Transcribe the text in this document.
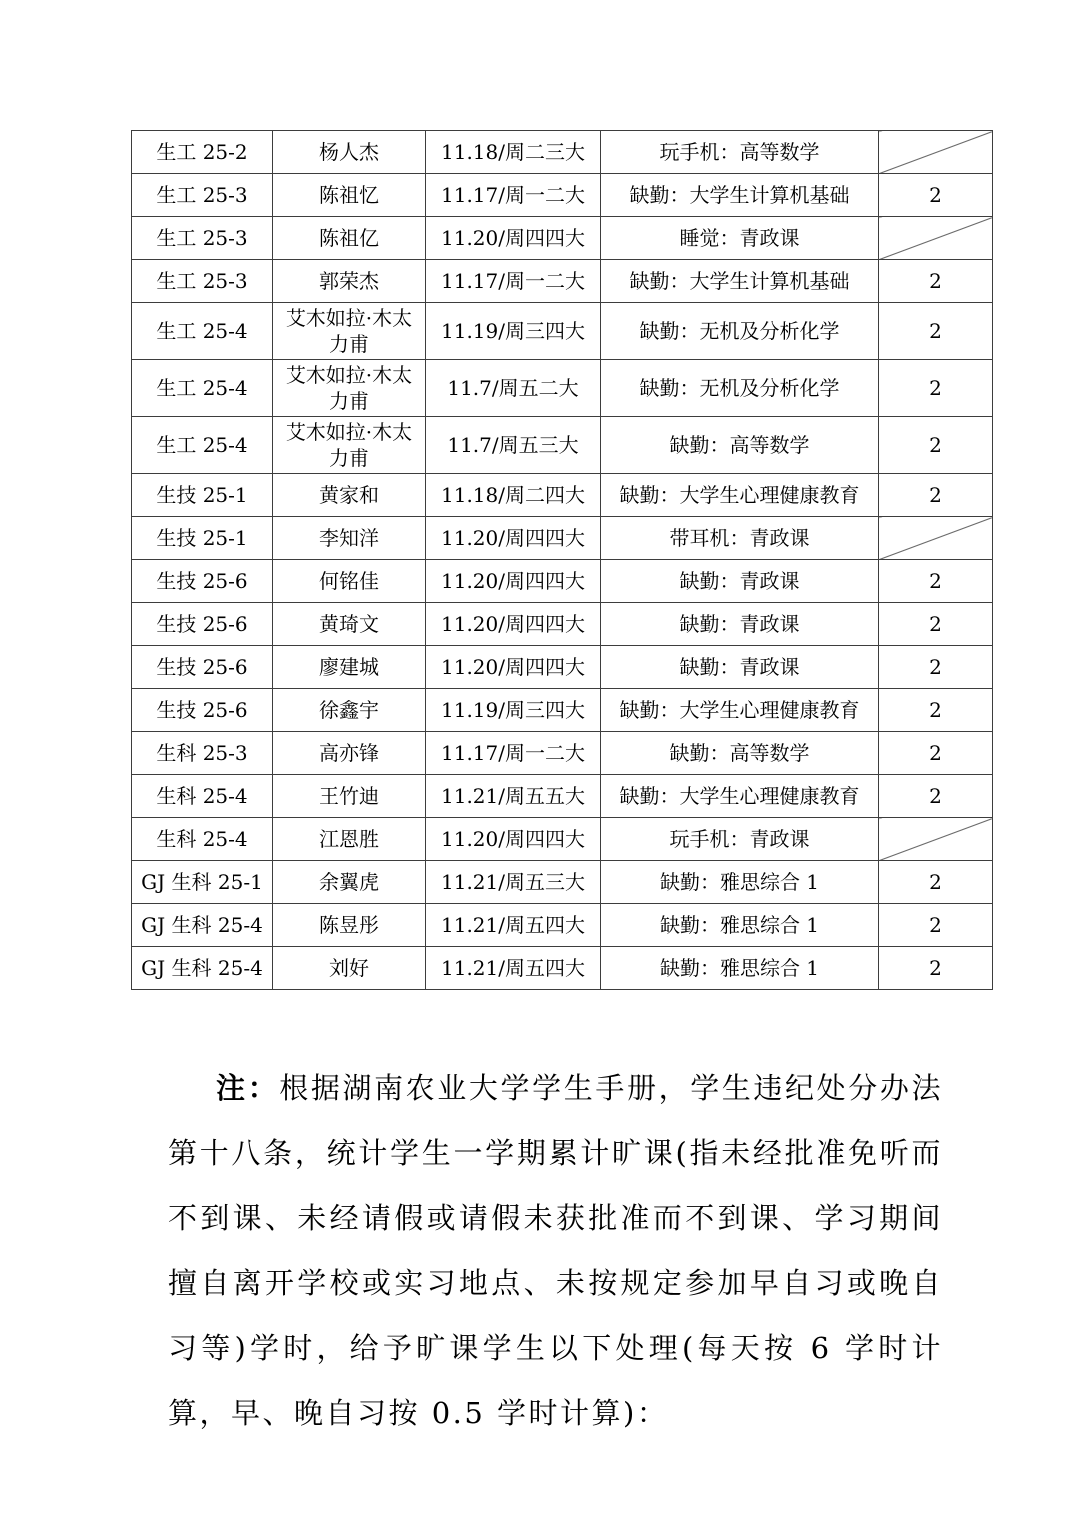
生工 25-2	杨人杰	11.18/周二三大	玩手机：高等数学	
生工 25-3	陈祖忆	11.17/周一二大	缺勤：大学生计算机基础	2
生工 25-3	陈祖亿	11.20/周四四大	睡觉：青政课	
生工 25-3	郭荣杰	11.17/周一二大	缺勤：大学生计算机基础	2
生工 25-4	艾木如拉·木太力甫	11.19/周三四大	缺勤：无机及分析化学	2
生工 25-4	艾木如拉·木太力甫	11.7/周五二大	缺勤：无机及分析化学	2
生工 25-4	艾木如拉·木太力甫	11.7/周五三大	缺勤：高等数学	2
生技 25-1	黄家和	11.18/周二四大	缺勤：大学生心理健康教育	2
生技 25-1	李知洋	11.20/周四四大	带耳机：青政课	
生技 25-6	何铭佳	11.20/周四四大	缺勤：青政课	2
生技 25-6	黄琦文	11.20/周四四大	缺勤：青政课	2
生技 25-6	廖建城	11.20/周四四大	缺勤：青政课	2
生技 25-6	徐鑫宇	11.19/周三四大	缺勤：大学生心理健康教育	2
生科 25-3	高亦锋	11.17/周一二大	缺勤：高等数学	2
生科 25-4	王竹迪	11.21/周五五大	缺勤：大学生心理健康教育	2
生科 25-4	江恩胜	11.20/周四四大	玩手机：青政课	
GJ 生科 25-1	余翼虎	11.21/周五三大	缺勤：雅思综合 1	2
GJ 生科 25-4	陈昱彤	11.21/周五四大	缺勤：雅思综合 1	2
GJ 生科 25-4	刘好	11.21/周五四大	缺勤：雅思综合 1	2

注：根据湖南农业大学学生手册，学生违纪处分办法第十八条，统计学生一学期累计旷课(指未经批准免听而不到课、未经请假或请假未获批准而不到课、学习期间擅自离开学校或实习地点、未按规定参加早自习或晚自习等)学时，给予旷课学生以下处理(每天按 6 学时计算，早、晚自习按 0.5 学时计算)：
